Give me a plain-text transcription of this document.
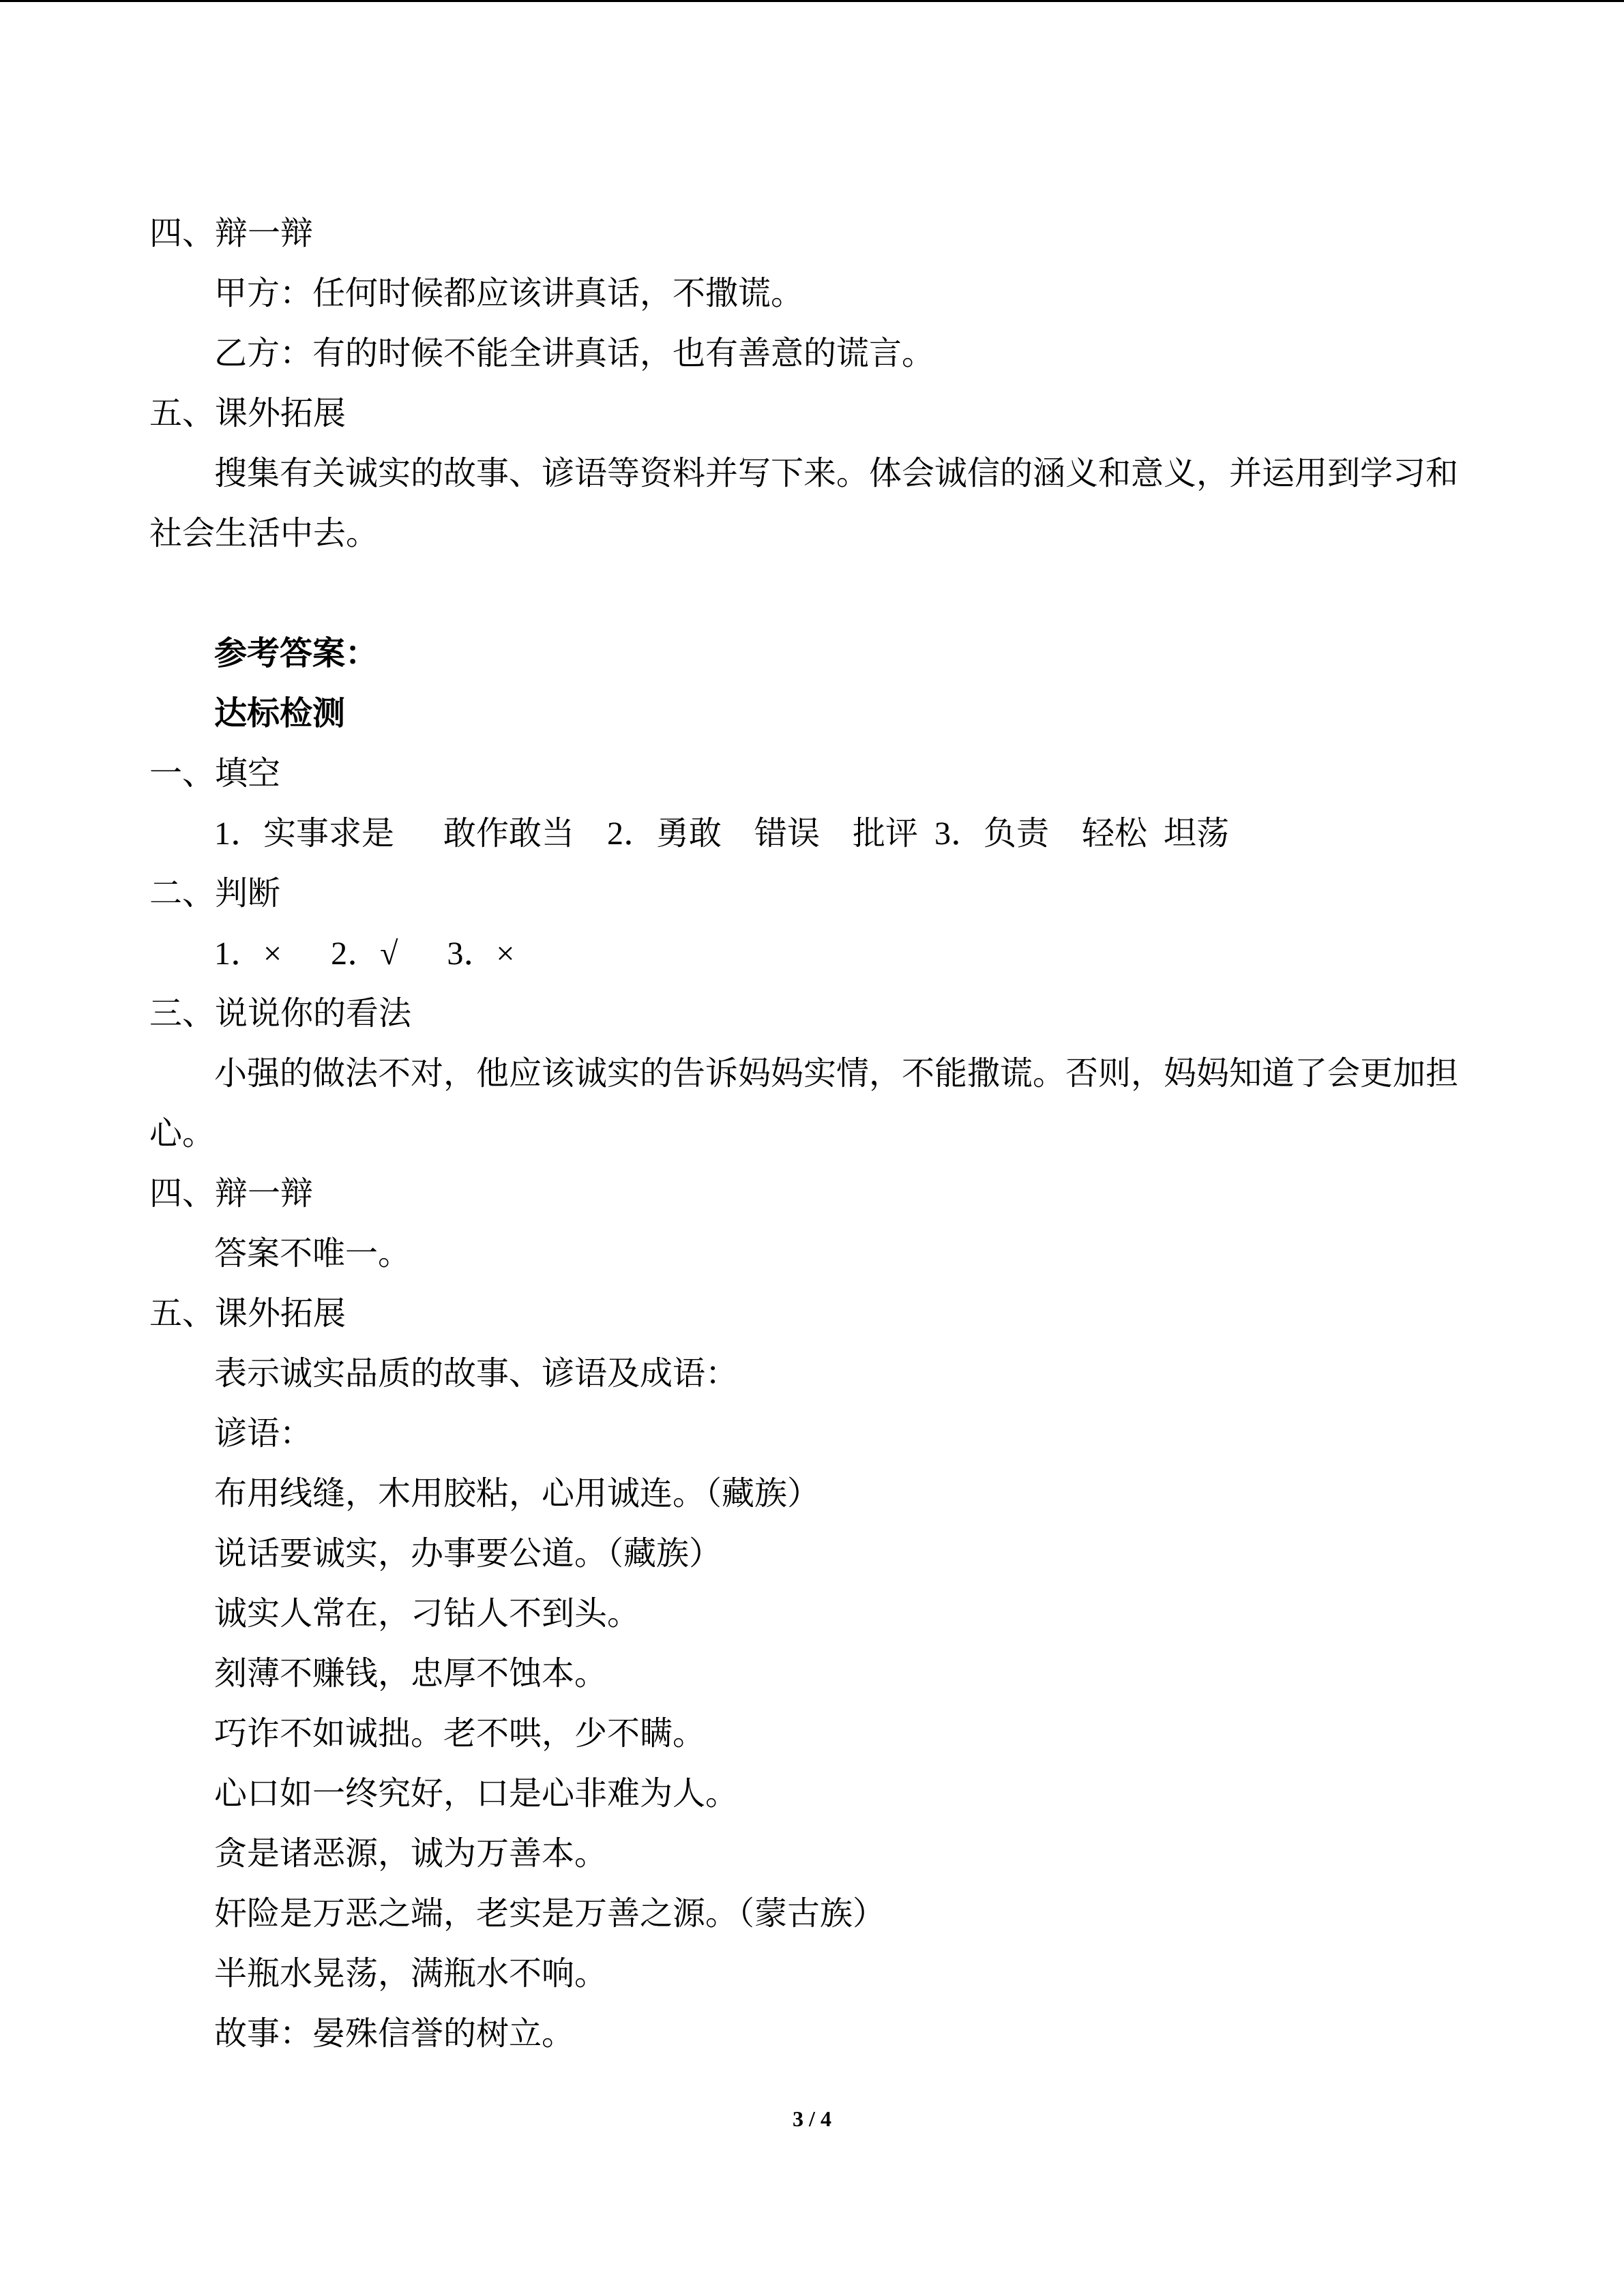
四、辩一辩
甲方：任何时候都应该讲真话，不撒谎。
乙方：有的时候不能全讲真话，也有善意的谎言。
五、课外拓展
搜集有关诚实的故事、谚语等资料并写下来。体会诚信的涵义和意义，并运用到学习和
社会生活中去。
参考答案：
达标检测
一、填空
1．实事求是      敢作敢当    2．勇敢    错误    批评  3．负责    轻松  坦荡
二、判断
1．×      2．√      3．×
三、说说你的看法
小强的做法不对，他应该诚实的告诉妈妈实情，不能撒谎。否则，妈妈知道了会更加担
心。
四、辩一辩
答案不唯一。
五、课外拓展
表示诚实品质的故事、谚语及成语：
谚语：
布用线缝，木用胶粘，心用诚连。（藏族）
说话要诚实，办事要公道。（藏族）
诚实人常在，刁钻人不到头。
刻薄不赚钱，忠厚不蚀本。
巧诈不如诚拙。老不哄，少不瞒。
心口如一终究好，口是心非难为人。
贪是诸恶源，诚为万善本。
奸险是万恶之端，老实是万善之源。（蒙古族）
半瓶水晃荡，满瓶水不响。
故事：晏殊信誉的树立。
3 / 4
